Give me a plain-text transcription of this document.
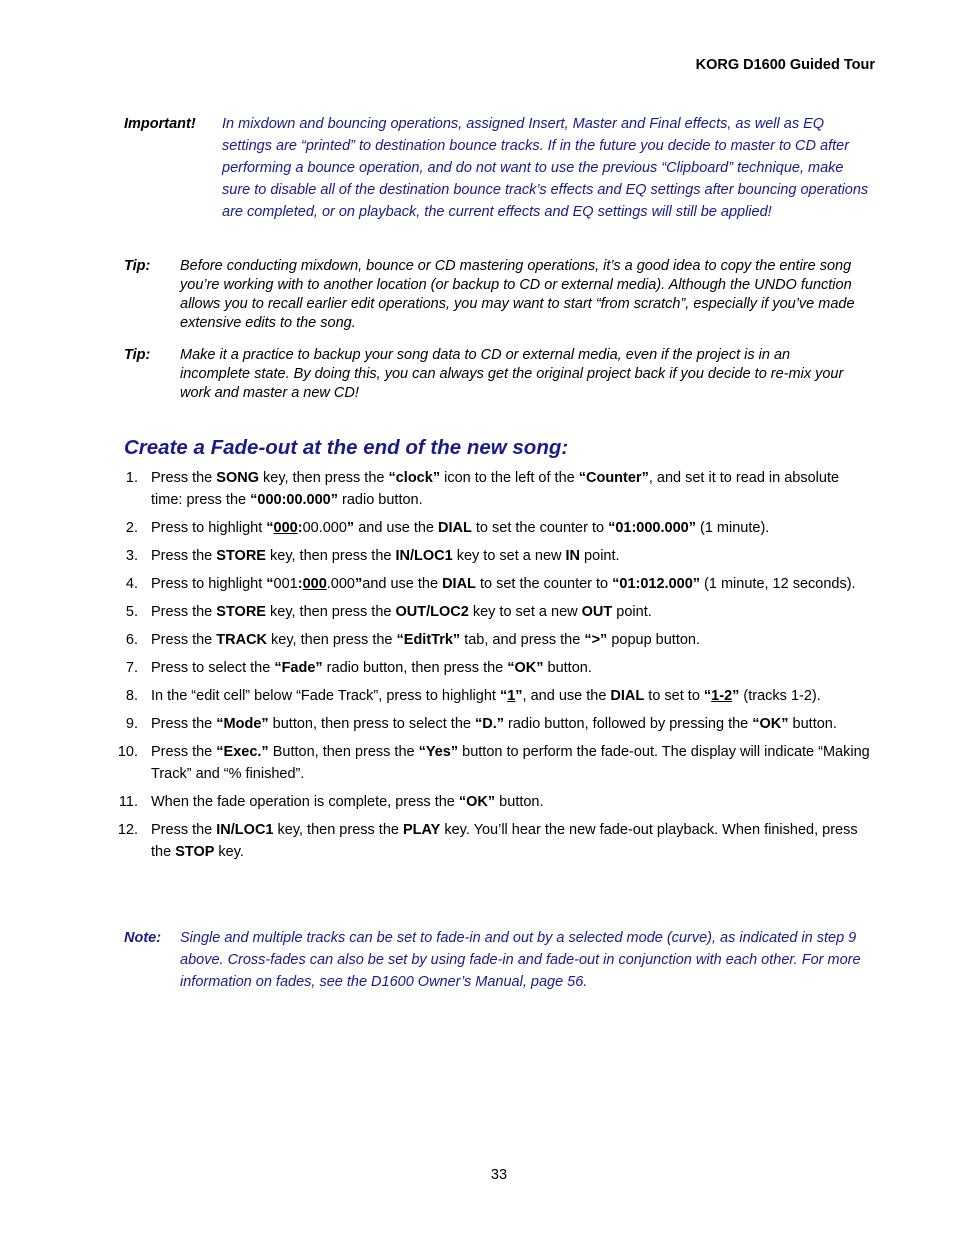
KORG D1600 Guided Tour
Important! In mixdown and bouncing operations, assigned Insert, Master and Final effects, as well as EQ settings are “printed” to destination bounce tracks. If in the future you decide to master to CD after performing a bounce operation, and do not want to use the previous “Clipboard” technique, make sure to disable all of the destination bounce track’s effects and EQ settings after bouncing operations are completed, or on playback, the current effects and EQ settings will still be applied!
Tip: Before conducting mixdown, bounce or CD mastering operations, it’s a good idea to copy the entire song you’re working with to another location (or backup to CD or external media). Although the UNDO function allows you to recall earlier edit operations, you may want to start “from scratch”, especially if you’ve made extensive edits to the song.
Tip: Make it a practice to backup your song data to CD or external media, even if the project is in an incomplete state. By doing this, you can always get the original project back if you decide to re-mix your work and master a new CD!
Create a Fade-out at the end of the new song:
1. Press the SONG key, then press the “clock” icon to the left of the “Counter”, and set it to read in absolute time: press the “000:00.000” radio button.
2. Press to highlight “000:00.000” and use the DIAL to set the counter to “01:000.000” (1 minute).
3. Press the STORE key, then press the IN/LOC1 key to set a new IN point.
4. Press to highlight “001:000.000”and use the DIAL to set the counter to “01:012.000” (1 minute, 12 seconds).
5. Press the STORE key, then press the OUT/LOC2 key to set a new OUT point.
6. Press the TRACK key, then press the “EditTrk” tab, and press the “>” popup button.
7. Press to select the “Fade” radio button, then press the “OK” button.
8. In the “edit cell” below “Fade Track”, press to highlight “1”, and use the DIAL to set to “1-2” (tracks 1-2).
9. Press the “Mode” button, then press to select the “D.” radio button, followed by pressing the “OK” button.
10. Press the “Exec.” Button, then press the “Yes” button to perform the fade-out. The display will indicate “Making Track” and “% finished”.
11. When the fade operation is complete, press the “OK” button.
12. Press the IN/LOC1 key, then press the PLAY key. You’ll hear the new fade-out playback. When finished, press the STOP key.
Note: Single and multiple tracks can be set to fade-in and out by a selected mode (curve), as indicated in step 9 above. Cross-fades can also be set by using fade-in and fade-out in conjunction with each other. For more information on fades, see the D1600 Owner’s Manual, page 56.
33
